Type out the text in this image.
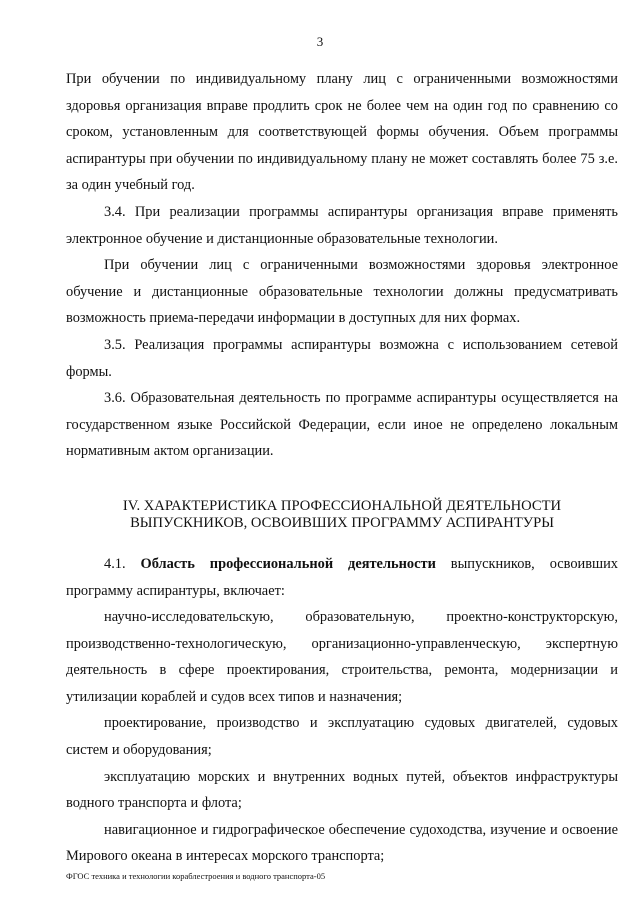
3

При обучении по индивидуальному плану лиц с ограниченными возможностями здоровья организация вправе продлить срок не более чем на один год по сравнению со сроком, установленным для соответствующей формы обучения. Объем программы аспирантуры при обучении по индивидуальному плану не может составлять более 75 з.е. за один учебный год.

3.4. При реализации программы аспирантуры организация вправе применять электронное обучение и дистанционные образовательные технологии.

При обучении лиц с ограниченными возможностями здоровья электронное обучение и дистанционные образовательные технологии должны предусматривать возможность приема-передачи информации в доступных для них формах.

3.5. Реализация программы аспирантуры возможна с использованием сетевой формы.

3.6. Образовательная деятельность по программе аспирантуры осуществляется на государственном языке Российской Федерации, если иное не определено локальным нормативным актом организации.

IV. ХАРАКТЕРИСТИКА ПРОФЕССИОНАЛЬНОЙ ДЕЯТЕЛЬНОСТИ
ВЫПУСКНИКОВ, ОСВОИВШИХ ПРОГРАММУ АСПИРАНТУРЫ

4.1. Область профессиональной деятельности выпускников, освоивших программу аспирантуры, включает:

научно-исследовательскую, образовательную, проектно-конструкторскую, производственно-технологическую, организационно-управленческую, экспертную деятельность в сфере проектирования, строительства, ремонта, модернизации и утилизации кораблей и судов всех типов и назначения;

проектирование, производство и эксплуатацию судовых двигателей, судовых систем и оборудования;

эксплуатацию морских и внутренних водных путей, объектов инфраструктуры водного транспорта и флота;

навигационное и гидрографическое обеспечение судоходства, изучение и освоение Мирового океана в интересах морского транспорта;

ФГОС техника и технологии кораблестроения и водного транспорта-05
